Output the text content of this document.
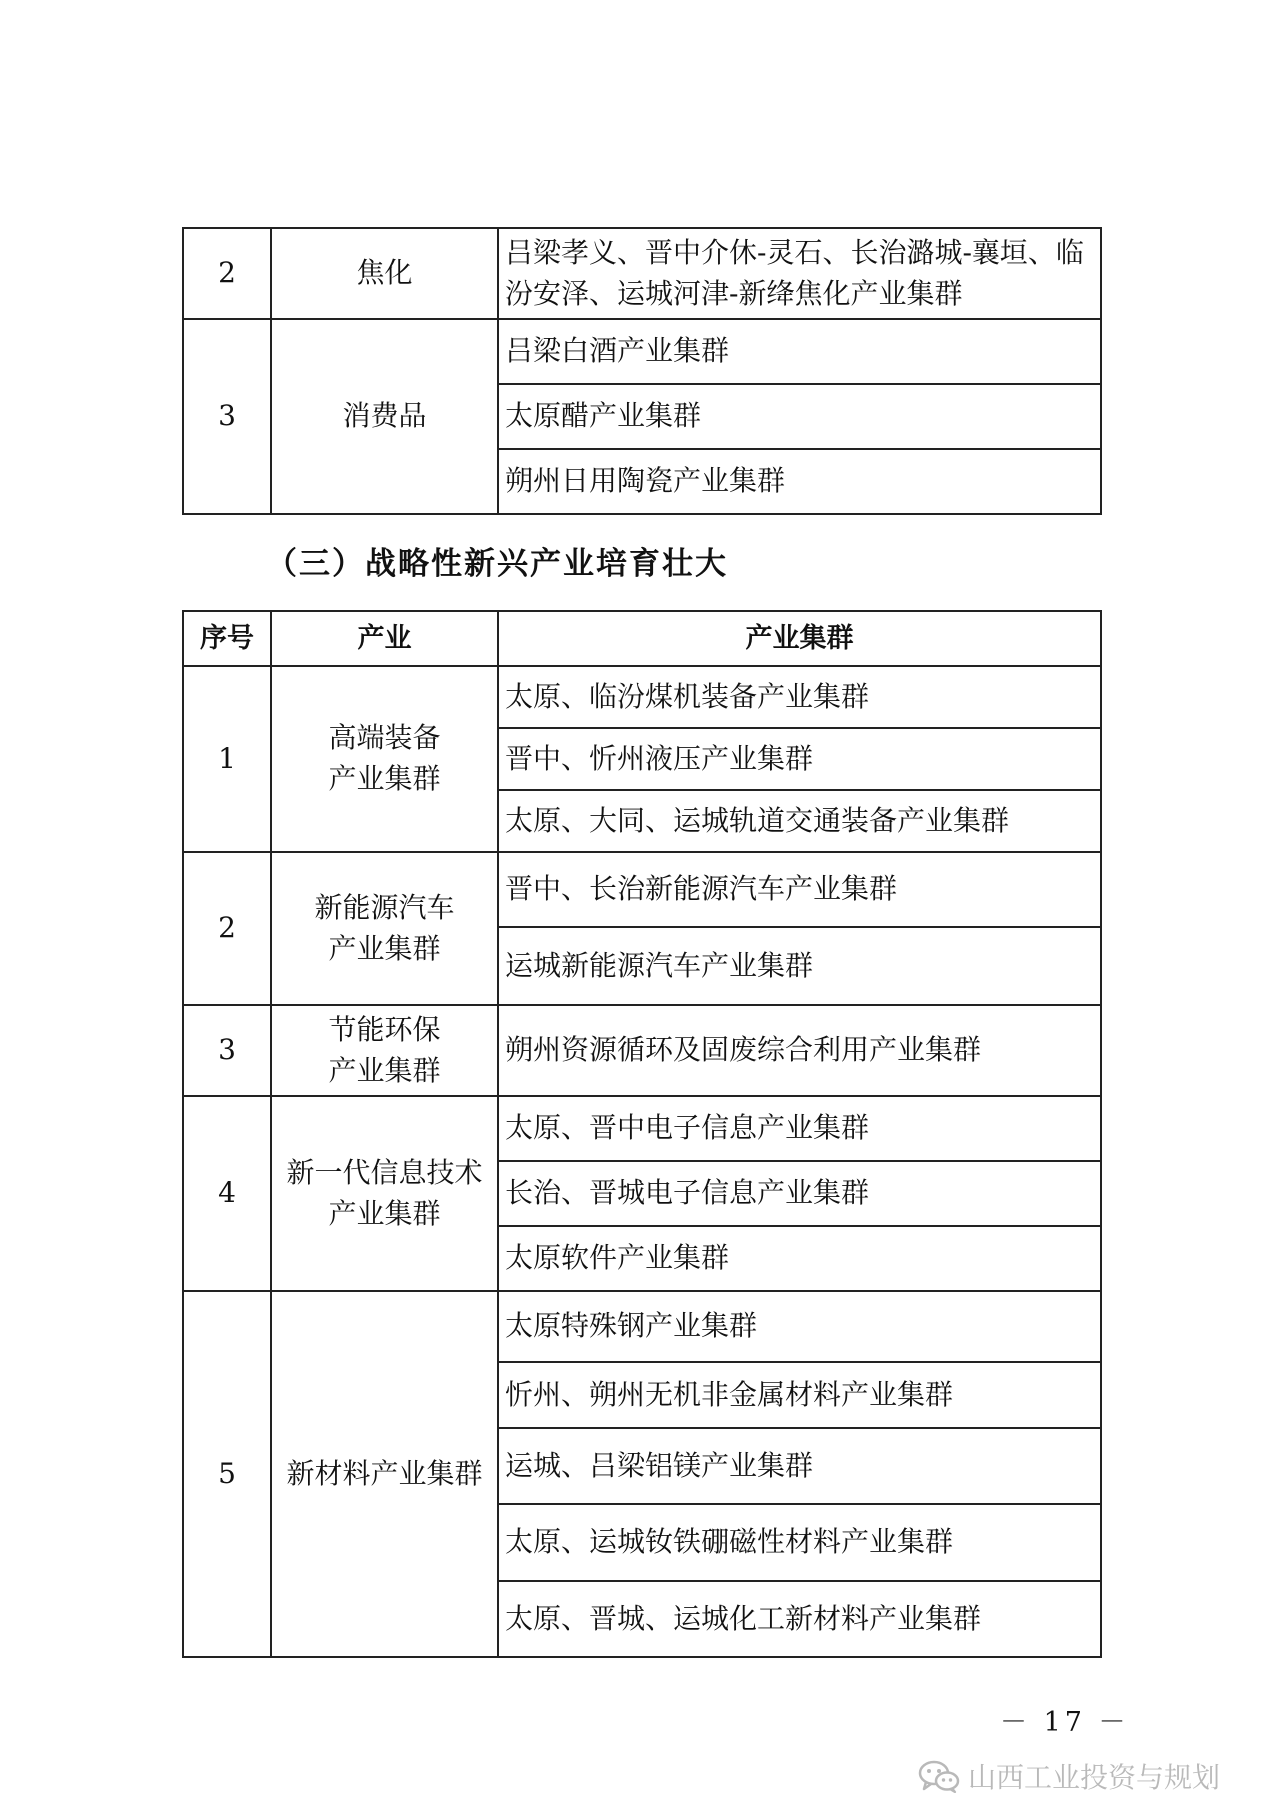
2	焦化	吕梁孝义、晋中介休-灵石、长治潞城-襄垣、临汾安泽、运城河津-新绛焦化产业集群
3	消费品	吕梁白酒产业集群
		太原醋产业集群
		朔州日用陶瓷产业集群
（三）战略性新兴产业培育壮大
序号	产业	产业集群
1	高端装备产业集群	太原、临汾煤机装备产业集群
		晋中、忻州液压产业集群
		太原、大同、运城轨道交通装备产业集群
2	新能源汽车产业集群	晋中、长治新能源汽车产业集群
		运城新能源汽车产业集群
3	节能环保产业集群	朔州资源循环及固废综合利用产业集群
4	新一代信息技术产业集群	太原、晋中电子信息产业集群
		长治、晋城电子信息产业集群
		太原软件产业集群
5	新材料产业集群	太原特殊钢产业集群
		忻州、朔州无机非金属材料产业集群
		运城、吕梁铝镁产业集群
		太原、运城钕铁硼磁性材料产业集群
		太原、晋城、运城化工新材料产业集群
－ 17 －
山西工业投资与规划
